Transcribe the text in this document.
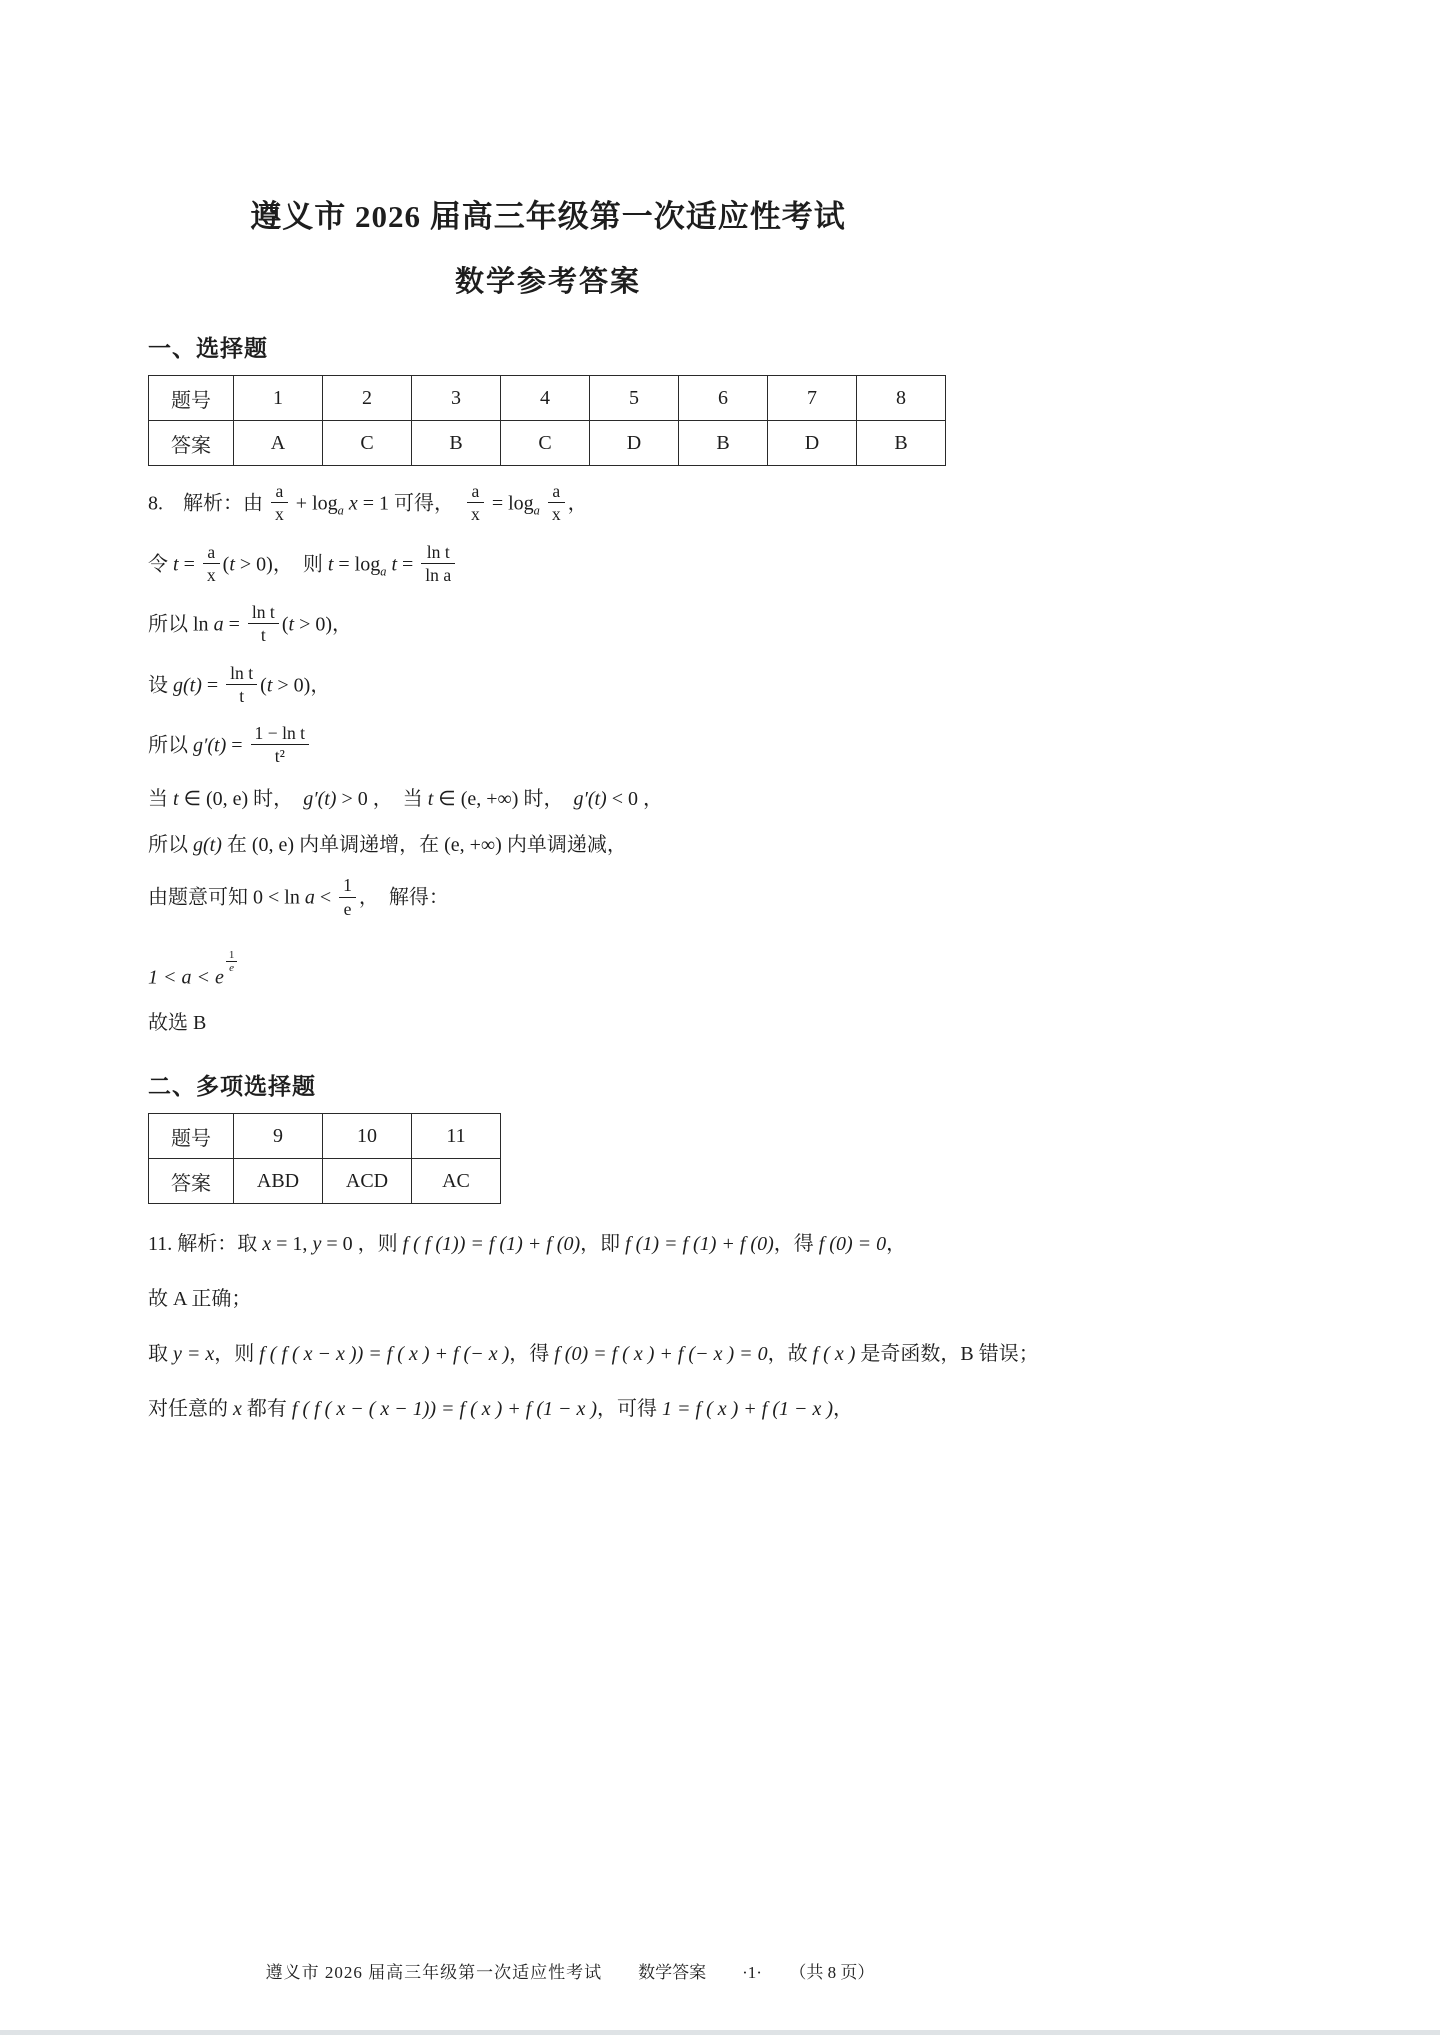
遵义市 2026 届高三年级第一次适应性考试
数学参考答案
一、选择题
题号	1	2	3	4	5	6	7	8
答案	A	C	B	C	D	B	D	B
8.　解析：由 $\frac{a}{x} + \log_a x = 1$ 可得，　 $\frac{a}{x} = \log_a \frac{a}{x}$ ，
令 $t = \frac{a}{x} (t > 0)$，　则 $t = \log_a t = \frac{\text{ln t}}{\text{ln a}}$
所以 $\ln a = \frac{\text{ln t}}{t} (t > 0)$，
设 $g(t) = \frac{\text{ln t}}{t} (t > 0)$，
所以 $g'(t) = \frac{\text{1 − ln t}}{\text{t²}}$
当 t ∈ (0, e) 时，　g′(t) > 0 ，　当 t ∈ (e, +∞) 时，　g′(t) < 0 ，
所以 g(t) 在 (0, e) 内单调递增，在 (e, +∞) 内单调递减，
由题意可知 $0 < \ln a < \frac{1}{e}$ ，　解得：
1 < a < e
$\frac{1}{e}$
故选 B
二、多项选择题
题号	9	10	11
答案	ABD	ACD	AC
11. 解析：取 x = 1, y = 0 ，则 f ( f (1)) = f (1) + f (0)，即 f (1) = f (1) + f (0)，得 f (0) = 0，
故 A 正确；
取 y = x，则 f ( f ( x − x )) = f ( x ) + f (− x )，得 f (0) = f ( x ) + f (− x ) = 0，故 f ( x ) 是奇函数，B 错误；
对任意的 x 都有 f ( f ( x − ( x − 1)) = f ( x ) + f (1 − x )，可得 1 = f ( x ) + f (1 − x )，
遵义市 2026 届高三年级第一次适应性考试 数学答案 ·1· （共 8 页）
